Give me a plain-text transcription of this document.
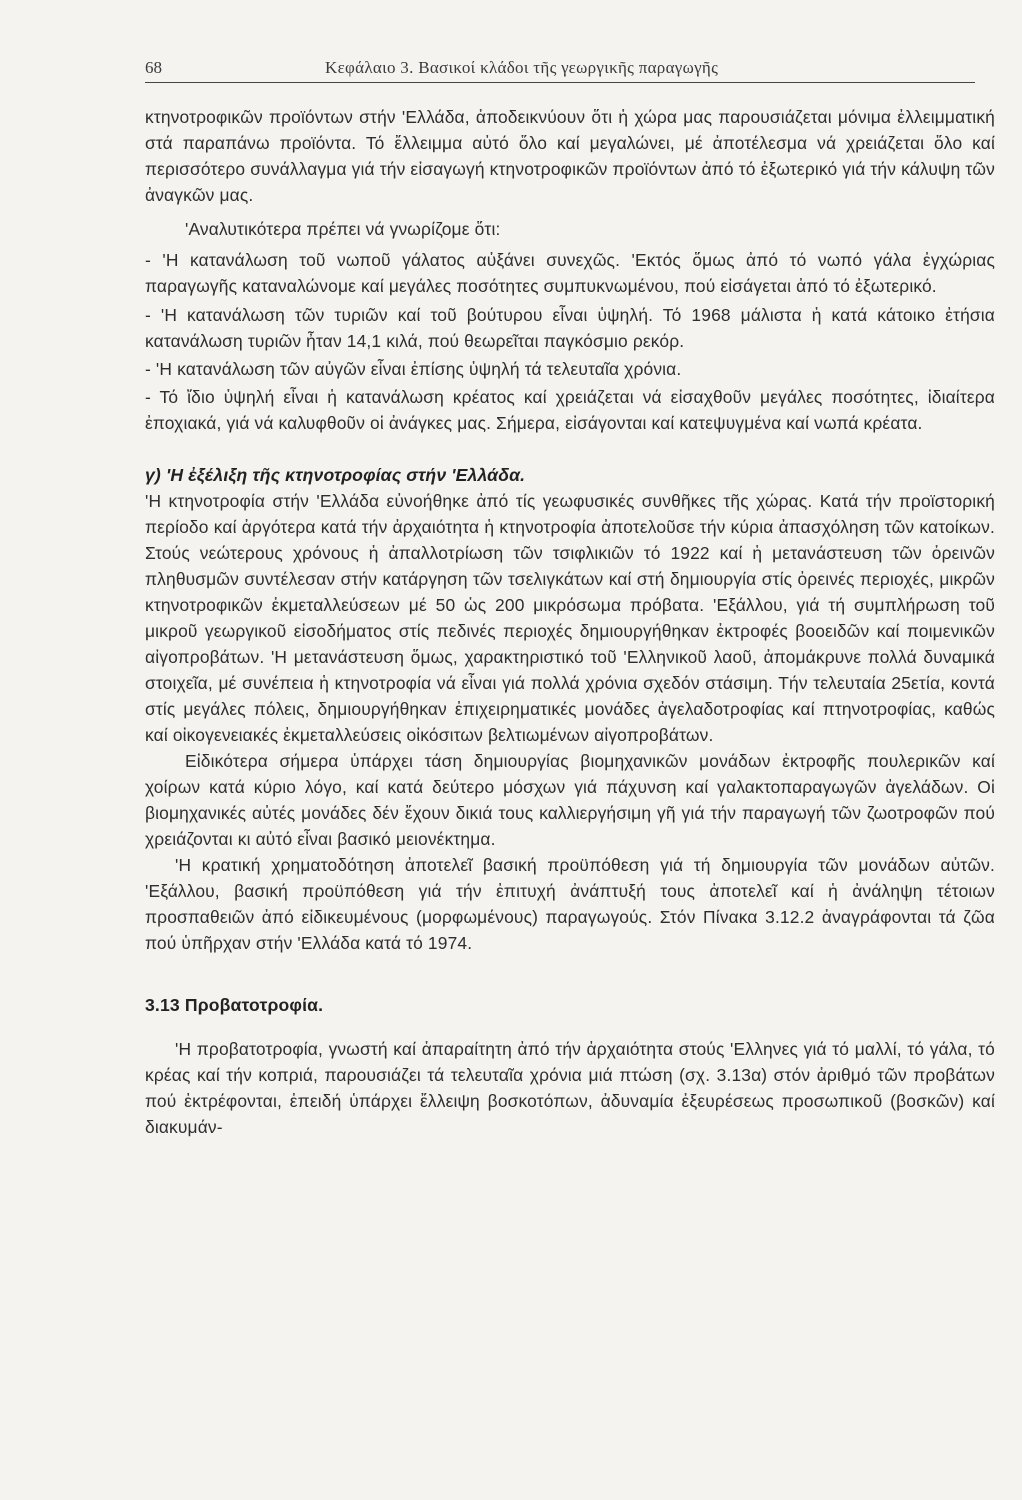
68	Κεφάλαιο 3. Βασικοί κλάδοι τῆς γεωργικῆς παραγωγῆς

κτηνοτροφικῶν προϊόντων στήν 'Ελλάδα, ἀποδεικνύουν ὅτι ἡ χώρα μας παρουσιάζεται μόνιμα ἐλλειμματική στά παραπάνω προϊόντα. Τό ἔλλειμμα αὐτό ὅλο καί μεγαλώνει, μέ ἀποτέλεσμα νά χρειάζεται ὅλο καί περισσότερο συνάλλαγμα γιά τήν εἰσαγωγή κτηνοτροφικῶν προϊόντων ἀπό τό ἐξωτερικό γιά τήν κάλυψη τῶν ἀναγκῶν μας.

'Αναλυτικότερα πρέπει νά γνωρίζομε ὅτι:

- 'Η κατανάλωση τοῦ νωποῦ γάλατος αὐξάνει συνεχῶς. 'Εκτός ὅμως ἀπό τό νωπό γάλα ἐγχώριας παραγωγῆς καταναλώνομε καί μεγάλες ποσότητες συμπυκνωμένου, πού εἰσάγεται ἀπό τό ἐξωτερικό.

- 'Η κατανάλωση τῶν τυριῶν καί τοῦ βούτυρου εἶναι ὑψηλή. Τό 1968 μάλιστα ἡ κατά κάτοικο ἐτήσια κατανάλωση τυριῶν ἦταν 14,1 κιλά, πού θεωρεῖται παγκόσμιο ρεκόρ.

- 'Η κατανάλωση τῶν αὐγῶν εἶναι ἐπίσης ὑψηλή τά τελευταῖα χρόνια.

- Τό ἴδιο ὑψηλή εἶναι ἡ κατανάλωση κρέατος καί χρειάζεται νά εἰσαχθοῦν μεγάλες ποσότητες, ἰδιαίτερα ἐποχιακά, γιά νά καλυφθοῦν οἱ ἀνάγκες μας. Σήμερα, εἰσάγονται καί κατεψυγμένα καί νωπά κρέατα.

γ) 'Η ἐξέλιξη τῆς κτηνοτροφίας στήν 'Ελλάδα.

'Η κτηνοτροφία στήν 'Ελλάδα εὐνοήθηκε ἀπό τίς γεωφυσικές συνθῆκες τῆς χώρας. Κατά τήν προϊστορική περίοδο καί ἀργότερα κατά τήν ἀρχαιότητα ἡ κτηνοτροφία ἀποτελοῦσε τήν κύρια ἀπασχόληση τῶν κατοίκων. Στούς νεώτερους χρόνους ἡ ἀπαλλοτρίωση τῶν τσιφλικιῶν τό 1922 καί ἡ μετανάστευση τῶν ὀρεινῶν πληθυσμῶν συντέλεσαν στήν κατάργηση τῶν τσελιγκάτων καί στή δημιουργία στίς ὀρεινές περιοχές, μικρῶν κτηνοτροφικῶν ἐκμεταλλεύσεων μέ 50 ὡς 200 μικρόσωμα πρόβατα. 'Εξάλλου, γιά τή συμπλήρωση τοῦ μικροῦ γεωργικοῦ εἰσοδήματος στίς πεδινές περιοχές δημιουργήθηκαν ἐκτροφές βοοειδῶν καί ποιμενικῶν αἰγοπροβάτων. 'Η μετανάστευση ὅμως, χαρακτηριστικό τοῦ 'Ελληνικοῦ λαοῦ, ἀπομάκρυνε πολλά δυναμικά στοιχεῖα, μέ συνέπεια ἡ κτηνοτροφία νά εἶναι γιά πολλά χρόνια σχεδόν στάσιμη. Τήν τελευταία 25ετία, κοντά στίς μεγάλες πόλεις, δημιουργήθηκαν ἐπιχειρηματικές μονάδες ἀγελαδοτροφίας καί πτηνοτροφίας, καθώς καί οἰκογενειακές ἐκμεταλλεύσεις οἰκόσιτων βελτιωμένων αἰγοπροβάτων.

Εἰδικότερα σήμερα ὑπάρχει τάση δημιουργίας βιομηχανικῶν μονάδων ἐκτροφῆς πουλερικῶν καί χοίρων κατά κύριο λόγο, καί κατά δεύτερο μόσχων γιά πάχυνση καί γαλακτοπαραγωγῶν ἀγελάδων. Οἱ βιομηχανικές αὐτές μονάδες δέν ἔχουν δικιά τους καλλιεργήσιμη γῆ γιά τήν παραγωγή τῶν ζωοτροφῶν πού χρειάζονται κι αὐτό εἶναι βασικό μειονέκτημα.

'Η κρατική χρηματοδότηση ἀποτελεῖ βασική προϋπόθεση γιά τή δημιουργία τῶν μονάδων αὐτῶν. 'Εξάλλου, βασική προϋπόθεση γιά τήν ἐπιτυχή ἀνάπτυξή τους ἀποτελεῖ καί ἡ ἀνάληψη τέτοιων προσπαθειῶν ἀπό εἰδικευμένους (μορφωμένους) παραγωγούς. Στόν Πίνακα 3.12.2 ἀναγράφονται τά ζῶα πού ὑπῆρχαν στήν 'Ελλάδα κατά τό 1974.

3.13 Προβατοτροφία.

'Η προβατοτροφία, γνωστή καί ἀπαραίτητη ἀπό τήν ἀρχαιότητα στούς 'Ελληνες γιά τό μαλλί, τό γάλα, τό κρέας καί τήν κοπριά, παρουσιάζει τά τελευταῖα χρόνια μιά πτώση (σχ. 3.13α) στόν ἀριθμό τῶν προβάτων πού ἐκτρέφονται, ἐπειδή ὑπάρχει ἔλλειψη βοσκοτόπων, ἀδυναμία ἐξευρέσεως προσωπικοῦ (βοσκῶν) καί διακυμάν-
